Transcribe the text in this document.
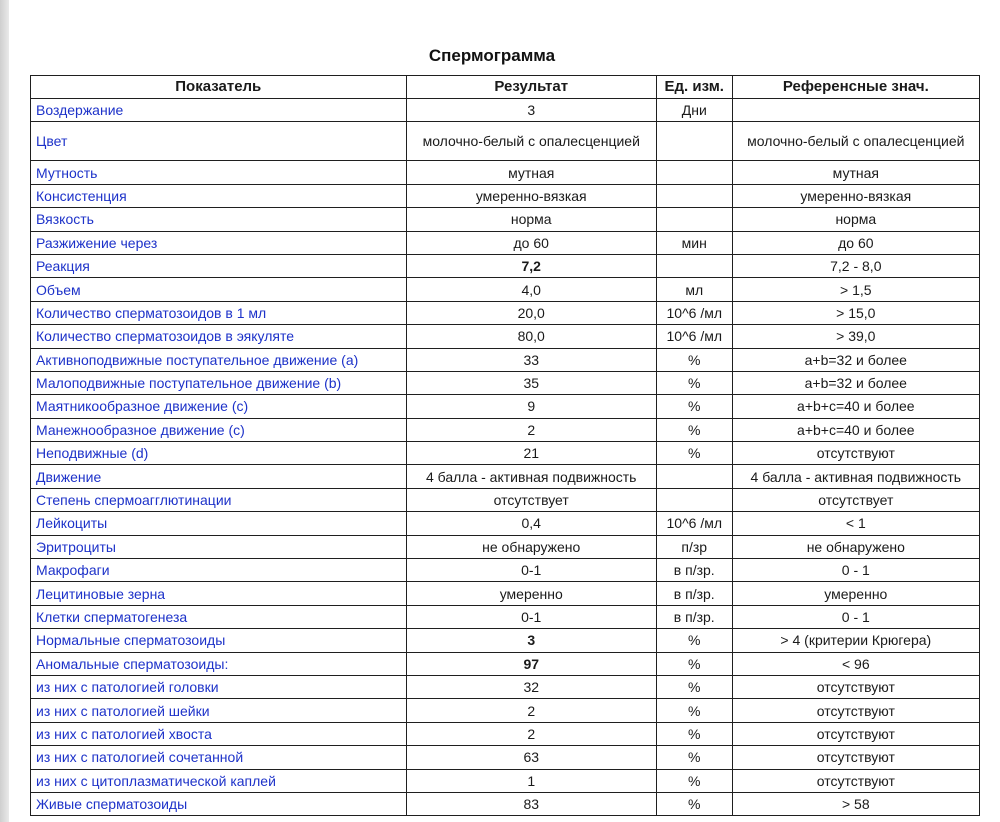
Спермограмма
Показатель	Результат	Ед. изм.	Референсные знач.
Воздержание	3	Дни	
Цвет	молочно-белый с опалесценцией		молочно-белый с опалесценцией
Мутность	мутная		мутная
Консистенция	умеренно-вязкая		умеренно-вязкая
Вязкость	норма		норма
Разжижение через	до 60	мин	до 60
Реакция	7,2		7,2 - 8,0
Объем	4,0	мл	> 1,5
Количество сперматозоидов в 1 мл	20,0	10^6 /мл	> 15,0
Количество сперматозоидов в эякуляте	80,0	10^6 /мл	> 39,0
Активноподвижные поступательное движение (a)	33	%	a+b=32 и более
Малоподвижные поступательное движение (b)	35	%	a+b=32 и более
Маятникообразное движение (c)	9	%	a+b+c=40 и более
Манежнообразное движение (c)	2	%	a+b+c=40 и более
Неподвижные (d)	21	%	отсутствуют
Движение	4 балла - активная подвижность		4 балла - активная подвижность
Степень спермоагглютинации	отсутствует		отсутствует
Лейкоциты	0,4	10^6 /мл	< 1
Эритроциты	не обнаружено	п/зр	не обнаружено
Макрофаги	0-1	в п/зр.	0 - 1
Лецитиновые зерна	умеренно	в п/зр.	умеренно
Клетки сперматогенеза	0-1	в п/зр.	0 - 1
Нормальные сперматозоиды	3	%	> 4 (критерии Крюгера)
Аномальные сперматозоиды:	97	%	< 96
из них с патологией головки	32	%	отсутствуют
из них с патологией шейки	2	%	отсутствуют
из них с патологией хвоста	2	%	отсутствуют
из них с патологией сочетанной	63	%	отсутствуют
из них с цитоплазматической каплей	1	%	отсутствуют
Живые сперматозоиды	83	%	> 58
